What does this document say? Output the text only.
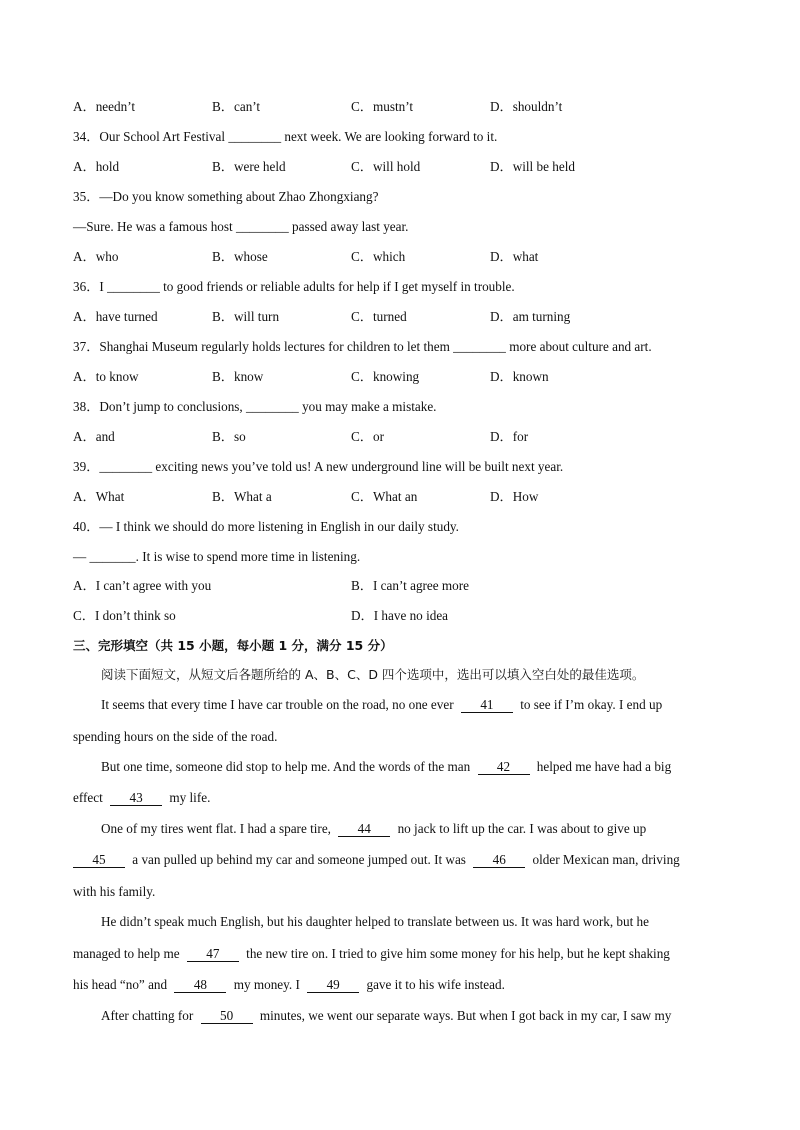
A．needn’t	B．can’t	C．mustn’t	D．shouldn’t
34．Our School Art Festival ________ next week. We are looking forward to it.
A．hold	B．were held	C．will hold	D．will be held
35．—Do you know something about Zhao Zhongxiang?
—Sure. He was a famous host ________ passed away last year.
A．who	B．whose	C．which	D．what
36．I ________ to good friends or reliable adults for help if I get myself in trouble.
A．have turned	B．will turn	C．turned	D．am turning
37．Shanghai Museum regularly holds lectures for children to let them ________ more about culture and art.
A．to know	B．know	C．knowing	D．known
38．Don’t jump to conclusions, ________ you may make a mistake.
A．and	B．so	C．or	D．for
39．________ exciting news you’ve told us! A new underground line will be built next year.
A．What	B．What a	C．What an	D．How
40．— I think we should do more listening in English in our daily study.
— _______. It is wise to spend more time in listening.
A．I can’t agree with you	B．I can’t agree more
C．I don’t think so	D．I have no idea
三、完形填空（共 15 小题，每小题 1 分，满分 15 分）
阅读下面短文，从短文后各题所给的 A、B、C、D 四个选项中，选出可以填入空白处的最佳选项。
It seems that every time I have car trouble on the road, no one ever 41 to see if I’m okay. I end up
spending hours on the side of the road.
But one time, someone did stop to help me. And the words of the man 42 helped me have had a big
effect 43 my life.
One of my tires went flat. I had a spare tire, 44 no jack to lift up the car. I was about to give up
45 a van pulled up behind my car and someone jumped out. It was 46 older Mexican man, driving
with his family.
He didn’t speak much English, but his daughter helped to translate between us. It was hard work, but he
managed to help me 47 the new tire on. I tried to give him some money for his help, but he kept shaking
his head “no” and 48 my money. I 49 gave it to his wife instead.
After chatting for 50 minutes, we went our separate ways. But when I got back in my car, I saw my
